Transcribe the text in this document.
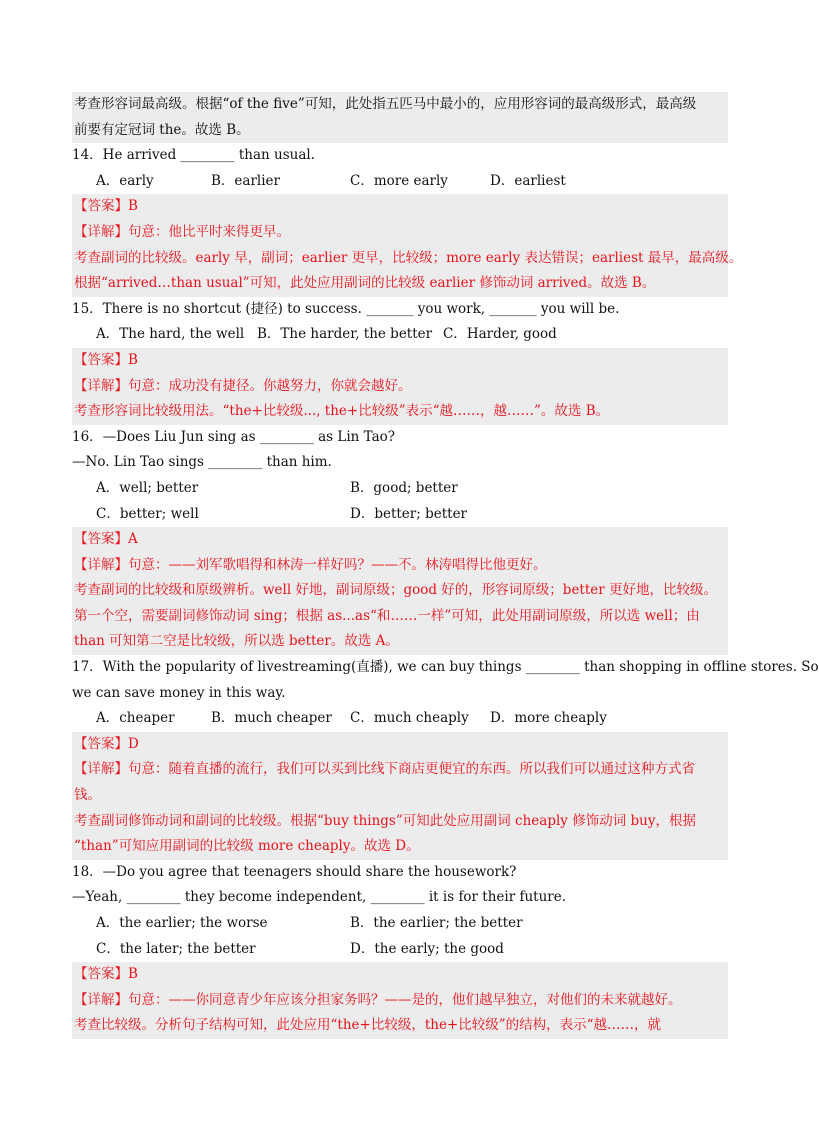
考查形容词最高级。根据“of the five”可知，此处指五匹马中最小的，应用形容词的最高级形式，最高级
前要有定冠词 the。故选 B。
14．He arrived ________ than usual.
A．early	B．earlier	C．more early	D．earliest
【答案】B
【详解】句意：他比平时来得更早。
考查副词的比较级。early 早，副词；earlier 更早，比较级；more early 表达错误；earliest 最早，最高级。
根据“arrived…than usual”可知，此处应用副词的比较级 earlier 修饰动词 arrived。故选 B。
15．There is no shortcut (捷径) to success. _______ you work, _______ you will be.
A．The hard, the well B．The harder, the better C．Harder, good
【答案】B
【详解】句意：成功没有捷径。你越努力，你就会越好。
考查形容词比较级用法。“the+比较级..., the+比较级”表示“越……，越……”。故选 B。
16．—Does Liu Jun sing as ________ as Lin Tao?
—No. Lin Tao sings ________ than him.
A．well; better	B．good; better
C．better; well	D．better; better
【答案】A
【详解】句意：——刘军歌唱得和林涛一样好吗？——不。林涛唱得比他更好。
考查副词的比较级和原级辨析。well 好地，副词原级；good 好的，形容词原级；better 更好地，比较级。
第一个空，需要副词修饰动词 sing；根据 as...as“和……一样”可知，此处用副词原级，所以选 well；由
than 可知第二空是比较级，所以选 better。故选 A。
17．With the popularity of livestreaming(直播), we can buy things ________ than shopping in offline stores. So
we can save money in this way.
A．cheaper	B．much cheaper C．much cheaply D．more cheaply
【答案】D
【详解】句意：随着直播的流行，我们可以买到比线下商店更便宜的东西。所以我们可以通过这种方式省
钱。
考查副词修饰动词和副词的比较级。根据“buy things”可知此处应用副词 cheaply 修饰动词 buy，根据
“than”可知应用副词的比较级 more cheaply。故选 D。
18．—Do you agree that teenagers should share the housework?
—Yeah, ________ they become independent, ________ it is for their future.
A．the earlier; the worse	B．the earlier; the better
C．the later; the better	D．the early; the good
【答案】B
【详解】句意：——你同意青少年应该分担家务吗？——是的，他们越早独立，对他们的未来就越好。
考查比较级。分析句子结构可知，此处应用“the+比较级，the+比较级”的结构，表示“越……，就
